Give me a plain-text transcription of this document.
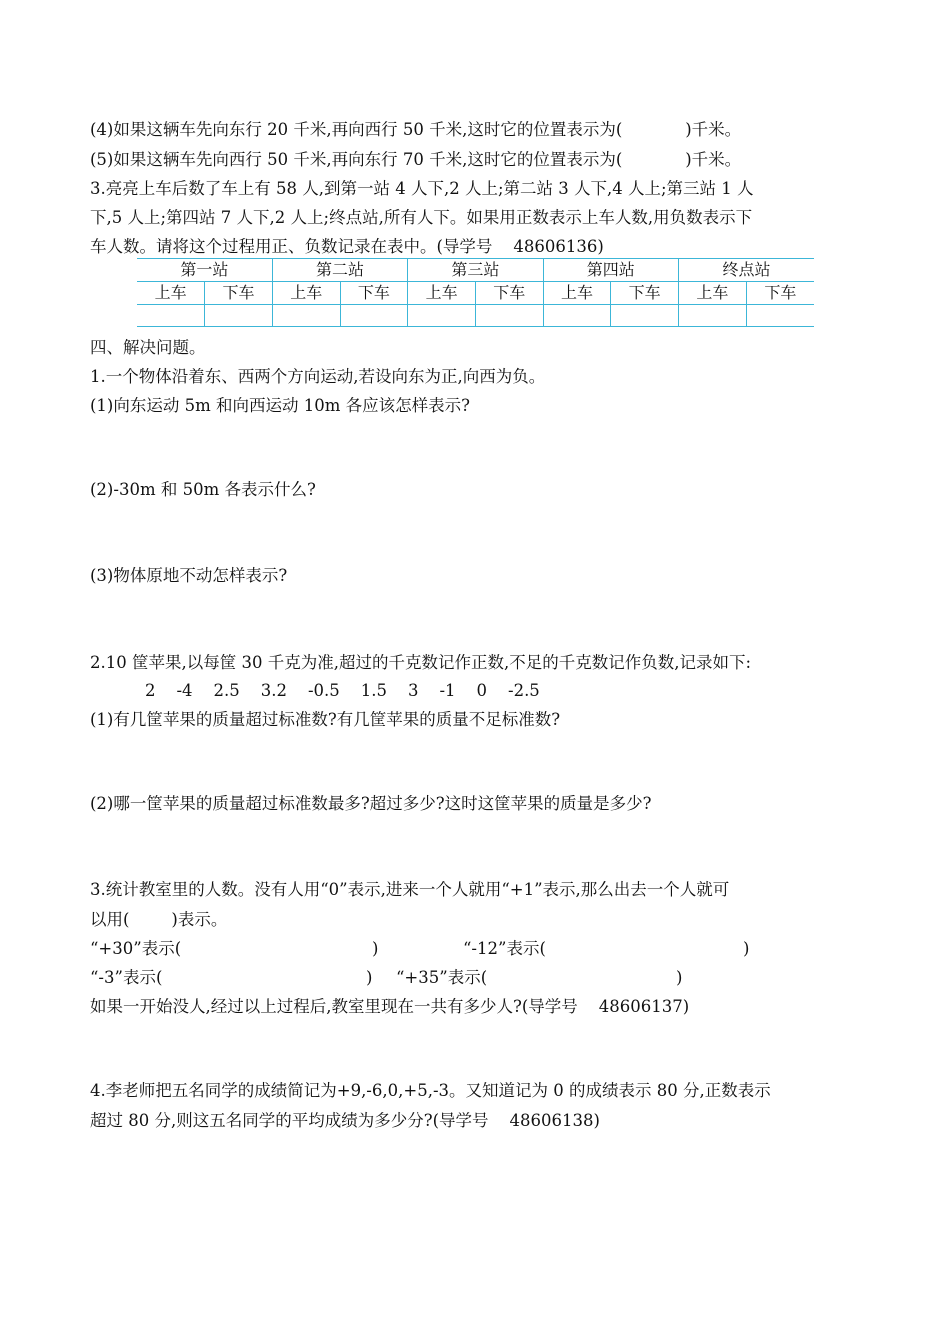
(4)如果这辆车先向东行 20 千米,再向西行 50 千米,这时它的位置表示为(            )千米。
(5)如果这辆车先向西行 50 千米,再向东行 70 千米,这时它的位置表示为(            )千米。
3.亮亮上车后数了车上有 58 人,到第一站 4 人下,2 人上;第二站 3 人下,4 人上;第三站 1 人
下,5 人上;第四站 7 人下,2 人上;终点站,所有人下。如果用正数表示上车人数,用负数表示下
车人数。请将这个过程用正、负数记录在表中。(导学号    48606136)
第一站		第二站		第三站		第四站		终点站	
上车	下车	上车	下车	上车	下车	上车	下车	上车	下车

四、解决问题。
1.一个物体沿着东、西两个方向运动,若设向东为正,向西为负。
(1)向东运动 5m 和向西运动 10m 各应该怎样表示?
(2)-30m 和 50m 各表示什么?
(3)物体原地不动怎样表示?
2.10 筐苹果,以每筐 30 千克为准,超过的千克数记作正数,不足的千克数记作负数,记录如下:
2    -4    2.5    3.2    -0.5    1.5    3    -1    0    -2.5
(1)有几筐苹果的质量超过标准数?有几筐苹果的质量不足标准数?
(2)哪一筐苹果的质量超过标准数最多?超过多少?这时这筐苹果的质量是多少?
3.统计教室里的人数。没有人用“0”表示,进来一个人就用“+1”表示,那么出去一个人就可
以用(        )表示。
“+30”表示(	)	“-12”表示(	)
“-3”表示(	) “+35”表示(	)
如果一开始没人,经过以上过程后,教室里现在一共有多少人?(导学号    48606137)
4.李老师把五名同学的成绩简记为+9,-6,0,+5,-3。又知道记为 0 的成绩表示 80 分,正数表示
超过 80 分,则这五名同学的平均成绩为多少分?(导学号    48606138)
